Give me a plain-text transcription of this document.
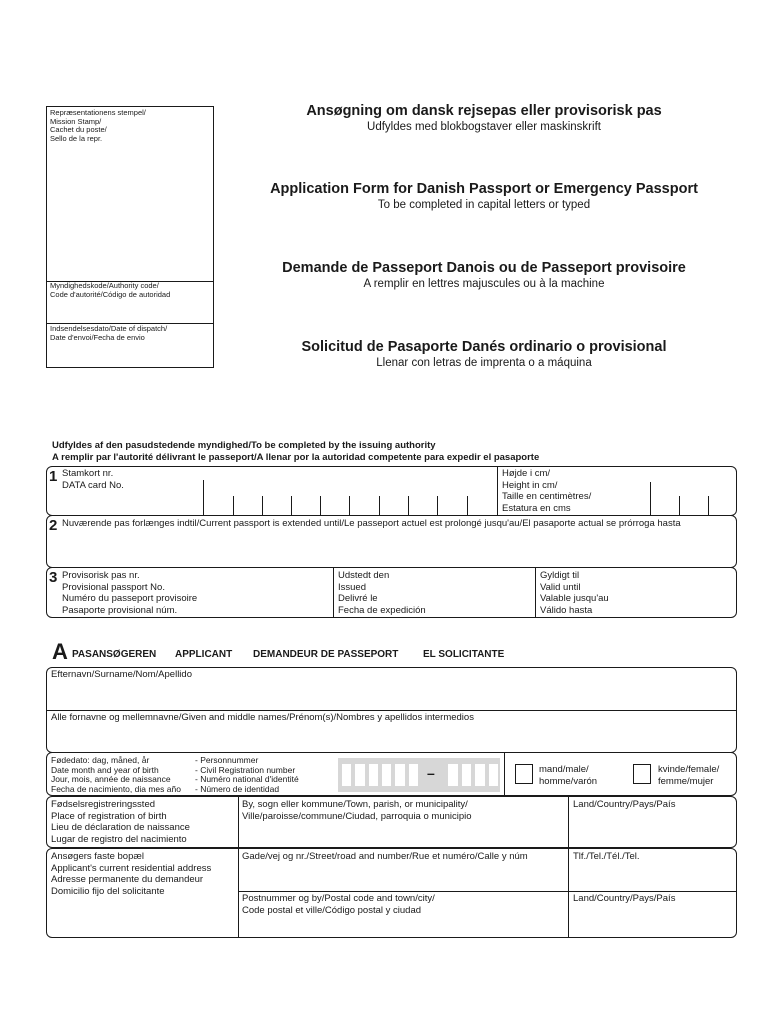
Repræsentationens stempel/
Mission Stamp/
Cachet du poste/
Sello de la repr.
Myndighedskode/Authority code/
Code d'autorité/Código de autoridad
Indsendelsesdato/Date of dispatch/
Date d'envoi/Fecha de envio
Ansøgning om dansk rejsepas eller provisorisk pas
Udfyldes med blokbogstaver eller maskinskrift
Application Form for Danish Passport or Emergency Passport
To be completed in capital letters or typed
Demande de Passeport Danois ou de Passeport provisoire
A remplir en lettres majuscules ou à la machine
Solicitud de Pasaporte Danés ordinario o provisional
Llenar con letras de imprenta o a máquina
Udfyldes af den pasudstedende myndighed/To be completed by the issuing authority
A remplir par l'autorité délivrant le passeport/A llenar por la autoridad competente para expedir el pasaporte
1 Stamkort nr.
DATA card No.
Højde i cm/
Height in cm/
Taille en centimètres/
Estatura en cms
2 Nuværende pas forlænges indtil/Current passport is extended until/Le passeport actuel est prolongé jusqu'au/El pasaporte actual se prórroga hasta
3 Provisorisk pas nr.
Provisional passport No.
Numéro du passeport provisoire
Pasaporte provisional núm.
Udstedt den
Issued
Delivré le
Fecha de expedición
Gyldigt til
Valid until
Valable jusqu'au
Válido hasta
A PASANSØGEREN APPLICANT DEMANDEUR DE PASSEPORT EL SOLICITANTE
Efternavn/Surname/Nom/Apellido
Alle fornavne og mellemnavne/Given and middle names/Prénom(s)/Nombres y apellidos intermedios
Fødedato: dag, måned, år
Date month and year of birth
Jour, mois, année de naissance
Fecha de nacimiento, dia mes año
- Personnummer
- Civil Registration number
- Numéro national d'identité
- Número de identidad
–	mand/male/
homme/varón
kvinde/female/
femme/mujer
Fødselsregistreringssted
Place of registration of birth
Lieu de déclaration de naissance
Lugar de registro del nacimiento
By, sogn eller kommune/Town, parish, or municipality/
Ville/paroisse/commune/Ciudad, parroquia o municipio
Land/Country/Pays/País
Ansøgers faste bopæl
Applicant's current residential address
Adresse permanente du demandeur
Domicilio fijo del solicitante
Gade/vej og nr./Street/road and number/Rue et numéro/Calle y núm	Tlf./Tel./Tél./Tel.
Postnummer og by/Postal code and town/city/
Code postal et ville/Código postal y ciudad
Land/Country/Pays/País
